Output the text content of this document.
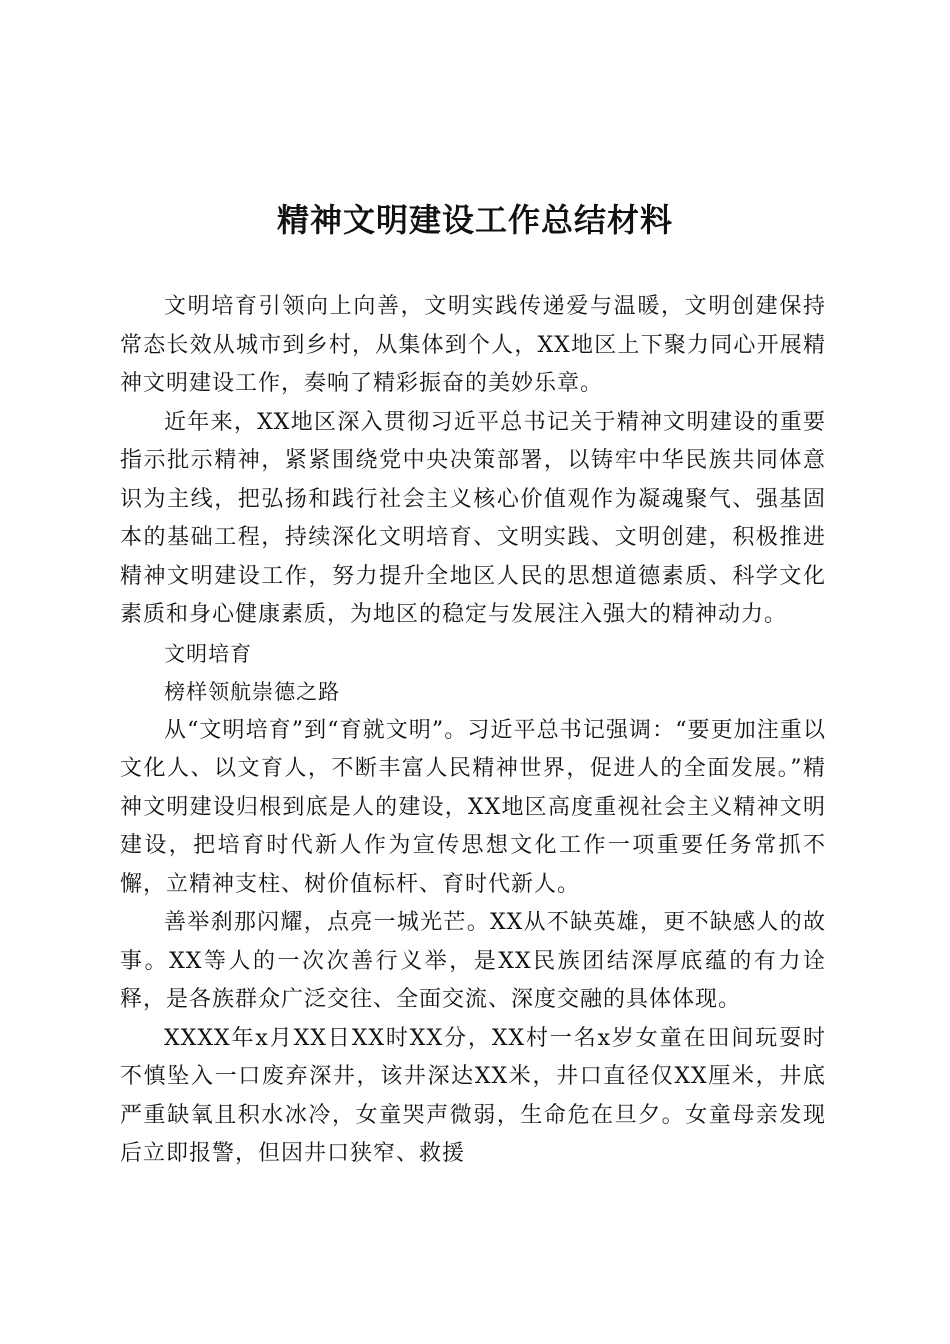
精神文明建设工作总结材料

文明培育引领向上向善，文明实践传递爱与温暖，文明创建保持常态长效从城市到乡村，从集体到个人，XX地区上下聚力同心开展精神文明建设工作，奏响了精彩振奋的美妙乐章。

近年来，XX地区深入贯彻习近平总书记关于精神文明建设的重要指示批示精神，紧紧围绕党中央决策部署，以铸牢中华民族共同体意识为主线，把弘扬和践行社会主义核心价值观作为凝魂聚气、强基固本的基础工程，持续深化文明培育、文明实践、文明创建，积极推进精神文明建设工作，努力提升全地区人民的思想道德素质、科学文化素质和身心健康素质，为地区的稳定与发展注入强大的精神动力。

文明培育

榜样领航崇德之路

从“文明培育”到“育就文明”。习近平总书记强调：“要更加注重以文化人、以文育人，不断丰富人民精神世界，促进人的全面发展。”精神文明建设归根到底是人的建设，XX地区高度重视社会主义精神文明建设，把培育时代新人作为宣传思想文化工作一项重要任务常抓不懈，立精神支柱、树价值标杆、育时代新人。

善举刹那闪耀，点亮一城光芒。XX从不缺英雄，更不缺感人的故事。XX等人的一次次善行义举，是XX民族团结深厚底蕴的有力诠释，是各族群众广泛交往、全面交流、深度交融的具体体现。

XXXX年x月XX日XX时XX分，XX村一名x岁女童在田间玩耍时不慎坠入一口废弃深井，该井深达XX米，井口直径仅XX厘米，井底严重缺氧且积水冰冷，女童哭声微弱，生命危在旦夕。女童母亲发现后立即报警，但因井口狭窄、救援
